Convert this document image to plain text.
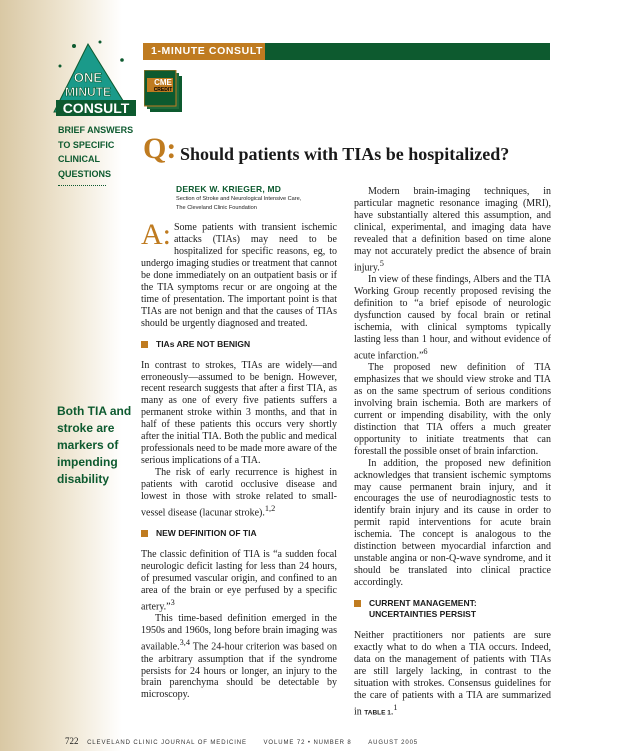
1-MINUTE CONSULT
ONE
MINUTE
CONSULT
BRIEF ANSWERS
TO SPECIFIC
CLINICAL
QUESTIONS
CME
CREDIT
Q: Should patients with TIAs be hospitalized?
DEREK W. KRIEGER, MD
Section of Stroke and Neurological Intensive Care,
The Cleveland Clinic Foundation
Both TIA and
stroke are
markers of
impending
disability

A: Some patients with transient ischemic attacks (TIAs) may need to be hospitalized for specific reasons, eg, to undergo imaging studies or treatment that cannot be done immediately on an outpatient basis or if the TIA symptoms recur or are ongoing at the time of presentation. The important point is that TIAs are not benign and that the causes of TIAs should be urgently diagnosed and treated.

TIAs ARE NOT BENIGN

In contrast to strokes, TIAs are widely—and erroneously—assumed to be benign. However, recent research suggests that after a first TIA, as many as one of every five patients suffers a permanent stroke within 3 months, and that in half of these patients this occurs very shortly after the initial TIA. Both the public and medical professionals need to be made more aware of the serious implications of a TIA.

The risk of early recurrence is highest in patients with carotid occlusive disease and lowest in those with stroke related to small-vessel disease (lacunar stroke).$^{1,2}$

NEW DEFINITION OF TIA

The classic definition of TIA is “a sudden focal neurologic deficit lasting for less than 24 hours, of presumed vascular origin, and confined to an area of the brain or eye perfused by a specific artery.”$^3$

This time-based definition emerged in the 1950s and 1960s, long before brain imaging was available.$^{3,4}$ The 24-hour criterion was based on the arbitrary assumption that if the syndrome persists for 24 hours or longer, an injury to the brain parenchyma should be detectable by microscopy.

Modern brain-imaging techniques, in particular magnetic resonance imaging (MRI), have substantially altered this assumption, and clinical, experimental, and imaging data have revealed that a definition based on time alone may not accurately predict the absence of brain injury.$^5$

In view of these findings, Albers and the TIA Working Group recently proposed revising the definition to “a brief episode of neurologic dysfunction caused by focal brain or retinal ischemia, with clinical symptoms typically lasting less than 1 hour, and without evidence of acute infarction.”$^6$

The proposed new definition of TIA emphasizes that we should view stroke and TIA as on the same spectrum of serious conditions involving brain ischemia. Both are markers of current or impending disability, with the only distinction that TIA offers a much greater opportunity to initiate treatments that can forestall the possible onset of brain infarction.

In addition, the proposed new definition acknowledges that transient ischemic symptoms may cause permanent brain injury, and it encourages the use of neurodiagnostic tests to identify brain injury and its cause in order to permit rapid interventions for acute brain ischemia. The concept is analogous to the distinction between myocardial infarction and unstable angina or non-Q-wave syndrome, and it should be translated into clinical practice accordingly.

CURRENT MANAGEMENT:
UNCERTAINTIES PERSIST

Neither practitioners nor patients are sure exactly what to do when a TIA occurs. Indeed, data on the management of patients with TIAs are still largely lacking, in contrast to the situation with strokes. Consensus guidelines for the care of patients with a TIA are summarized in TABLE 1.$^1$

722 CLEVELAND CLINIC JOURNAL OF MEDICINE	VOLUME 72 • NUMBER 8	AUGUST 2005
